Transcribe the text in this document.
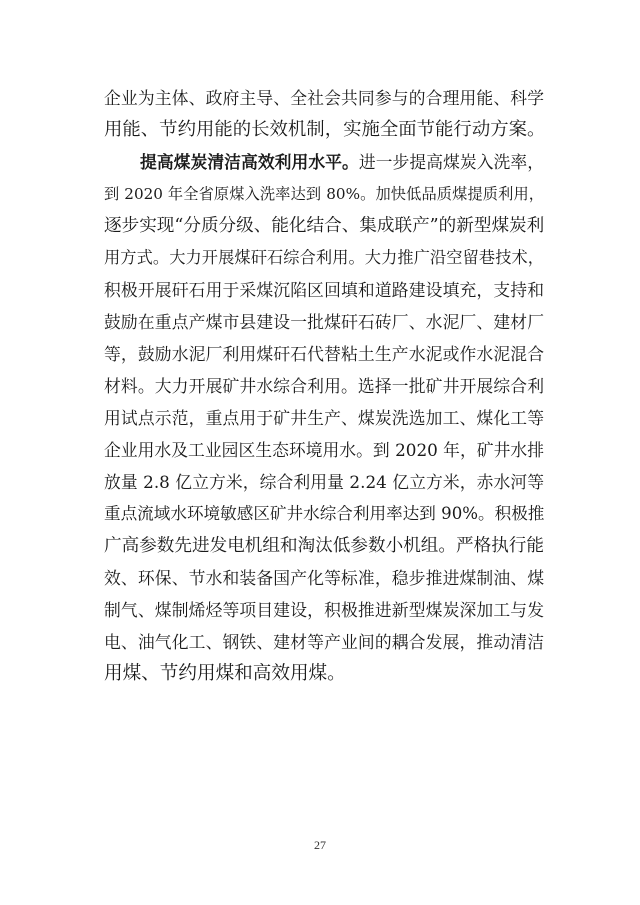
企业为主体、政府主导、全社会共同参与的合理用能、科学
用能、节约用能的长效机制，实施全面节能行动方案。
提高煤炭清洁高效利用水平。进一步提高煤炭入洗率，
到 2020 年全省原煤入洗率达到 80%。加快低品质煤提质利用，
逐步实现“分质分级、能化结合、集成联产”的新型煤炭利
用方式。大力开展煤矸石综合利用。大力推广沿空留巷技术，
积极开展矸石用于采煤沉陷区回填和道路建设填充，支持和
鼓励在重点产煤市县建设一批煤矸石砖厂、水泥厂、建材厂
等，鼓励水泥厂利用煤矸石代替粘土生产水泥或作水泥混合
材料。大力开展矿井水综合利用。选择一批矿井开展综合利
用试点示范，重点用于矿井生产、煤炭洗选加工、煤化工等
企业用水及工业园区生态环境用水。到 2020 年，矿井水排
放量 2.8 亿立方米，综合利用量 2.24 亿立方米，赤水河等
重点流域水环境敏感区矿井水综合利用率达到 90%。积极推
广高参数先进发电机组和淘汰低参数小机组。严格执行能
效、环保、节水和装备国产化等标准，稳步推进煤制油、煤
制气、煤制烯烃等项目建设，积极推进新型煤炭深加工与发
电、油气化工、钢铁、建材等产业间的耦合发展，推动清洁
用煤、节约用煤和高效用煤。
27
